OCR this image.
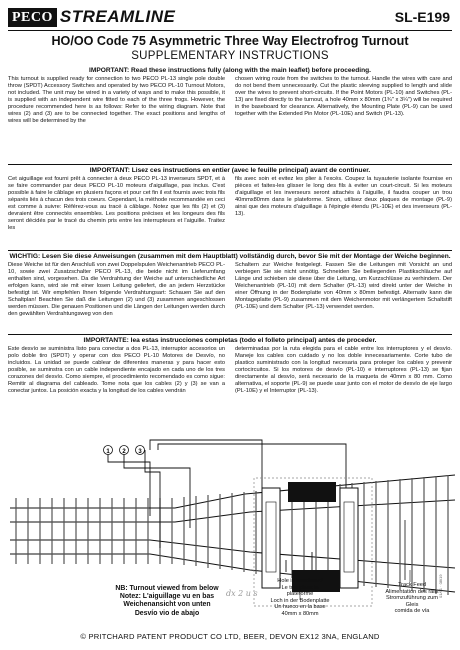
PECO STREAMLINE	SL-E199
HO/OO Code 75 Asymmetric Three Way Electrofrog Turnout
SUPPLEMENTARY INSTRUCTIONS
IMPORTANT: Read these instructions fully (along with the main leaflet) before proceeding.
This turnout is supplied ready for connection to two PECO PL-13 single pole double throw (SPDT) Accessory Switches and operated by two PECO PL-10 Turnout Motors, not included. The unit may be wired in a variety of ways and to make this possible, it is supplied with an independent wire fitted to each of the three frogs. However, the procedure recommended here is as follows: Refer to the wiring diagram. Note that wires (2) and (3) are to be connected together. The exact positions and lengths of wires will be determined by the
chosen wiring route from the switches to the turnout. Handle the wires with care and do not bend them unnecessarily. Cut the plastic sleeving supplied to length and slide over the wires to prevent short-circuits. If the Point Motors (PL-10) and Switches (PL-13) are fixed directly to the turnout, a hole 40mm x 80mm (1¾" x 3¼") will be required in the baseboard for clearance. Alternatively, the Mounting Plate (PL-9) can be used together with the Extended Pin Motor (PL-10E) and Switch (PL-13).
IMPORTANT: Lisez ces instructions en entier (avec le feuille principal) avant de continuer.
Cet aiguillage est fourni prêt à connecter à deux PECO PL-13 inverseurs SPDT, et à se faire commander par deux PECO PL-10 moteurs d'aiguillage, pas inclus. C'est possible à faire le câblage en plusiers façons et pour cet fin il est fournis avec trois fils séparés liés à chacun des trois coeurs. Cependant, la méthode recommandée en ceci est comme à suivre: Référez-vous au tracé à câblage. Notez que les fils (2) et (3) devraient être connectés ensembles. Les positions précises et les longeurs des fils seront décidés par le tracé du chemin pris entre les interrupteurs et l'aiguille. Traitez les
fils avec soin et evitez les plier à l'excès. Coupez la tuyauterie isolante fournise en pièces et faites-les glisser le long des fils à eviter un court-circuit. Si les moteurs d'aiguillage et les inverseurs seront attachés à l'aiguille, il faudra couper un trou 40mmx80mm dans le plateforme. Sinon, utilisez deux plaques de montage (PL-9) ainsi que des moteurs d'aiguillage à l'épingle étendu (PL-10E) et des inverseurs (PL-13).
WICHTIG: Lesen Sie diese Anweisungen (zusammen mit dem Hauptblatt) vollständig durch, bevor Sie mit der Montage der Weiche beginnen.
Diese Weiche ist für den Anschluß von zwei Doppelspulen Weichenantrieb PECO PL-10, sowie zwei Zusatzschalter PECO PL-13, die beide nicht im Lieferumfang enthalten sind, vorgesehen. Da die Verdrahtung der Weiche auf unterschiedliche Art erfolgen kann, wird sie mit einer losen Leitung geliefert, die an jedem Herzstücke befestigt ist. Wir empfehlen Ihnen folgende Verdrahtungsart: Schauen Sie auf den Schaltplan! Beachten Sie daß die Leitungen (2) und (3) zusammen angeschlossen werden müssen. Die genauen Positionen und die Längen der Leitungen werden durch den gewählten Verdrahtungsweg von den
Schaltern zur Weiche festgelegt. Fassen Sie die Leitungen mit Vorsicht an und verbiegen Sie sie nicht unnötig. Schneiden Sie beiliegenden Plastikschläuche auf Länge und schieben sie diese über die Leitung, um Kurzschlüsse zu verhindern. Der Weichenantrieb (PL-10) mit dem Schalter (PL-13) wird direkt unter der Weiche in einer Öffnung in der Bodenplatte von 40mm x 80mm befestigt. Alternativ kann die Montageplatte (PL-9) zusammen mit dem Weichenmotor mit verlängertem Schaltstift (PL-10E) und dem Schalter (PL-13) verwendet werden.
IMPORTANTE: lea estas instrucciones completas (todo el folleto principal) antes de proceder.
Este desvío se suministra listo para conectar a dos PL-13, interruptor accesorios un polo doble tiro (SPDT) y operar con dos PECO PL-10 Motores de Desvío, no incluidos. La unidad se puede cablear de diferentes maneras y para hacer esto posible, se suminstra con un cable independiente encajado en cada uno de los tres corazones del desvío. Como siempre, el procedimiento recomendado es como sigue: Remitir al diagrama del cableado. Tome nota que los cables (2) y (3) se van a conectar juntos. La posición exacta y la longitud de los cables vendrán
determinadas por la ruta elegida para el cable entre los interruptores y el desvío. Maneje los cables con cuidado y no los doble innecesariamente. Corte tubo de plastico suministrado con la longitud necesaria para proteger los cables y prevenir cortocircuitos. Si los motores de desvío (PL-10) e interruptores (PL-13) se fijan directamente al desvío, será necesario de la maqueta de 40mm x 80 mm. Como alternativa, el soporte (PL-9) se puede usar junto con el motor de desvío de eje largo (PL-10E) y el Interruptor (PL-13).
1 2 3
NB: Turnout viewed from below
Notez: L'aiguillage vu en bas
Weichenansicht von unten
Desvío vio de abajo
dx 2 u s
Hole in baseboard
Le trou dans la plateforme
Loch in der Bodenplatte
Un hueco en la base
40mm x 80mm
Track Feed
Alimentation des rails
Stromzuführung zum Gleis
comida de vía
01/61 · 08/19
© PRITCHARD PATENT PRODUCT CO LTD, BEER, DEVON EX12 3NA, ENGLAND
